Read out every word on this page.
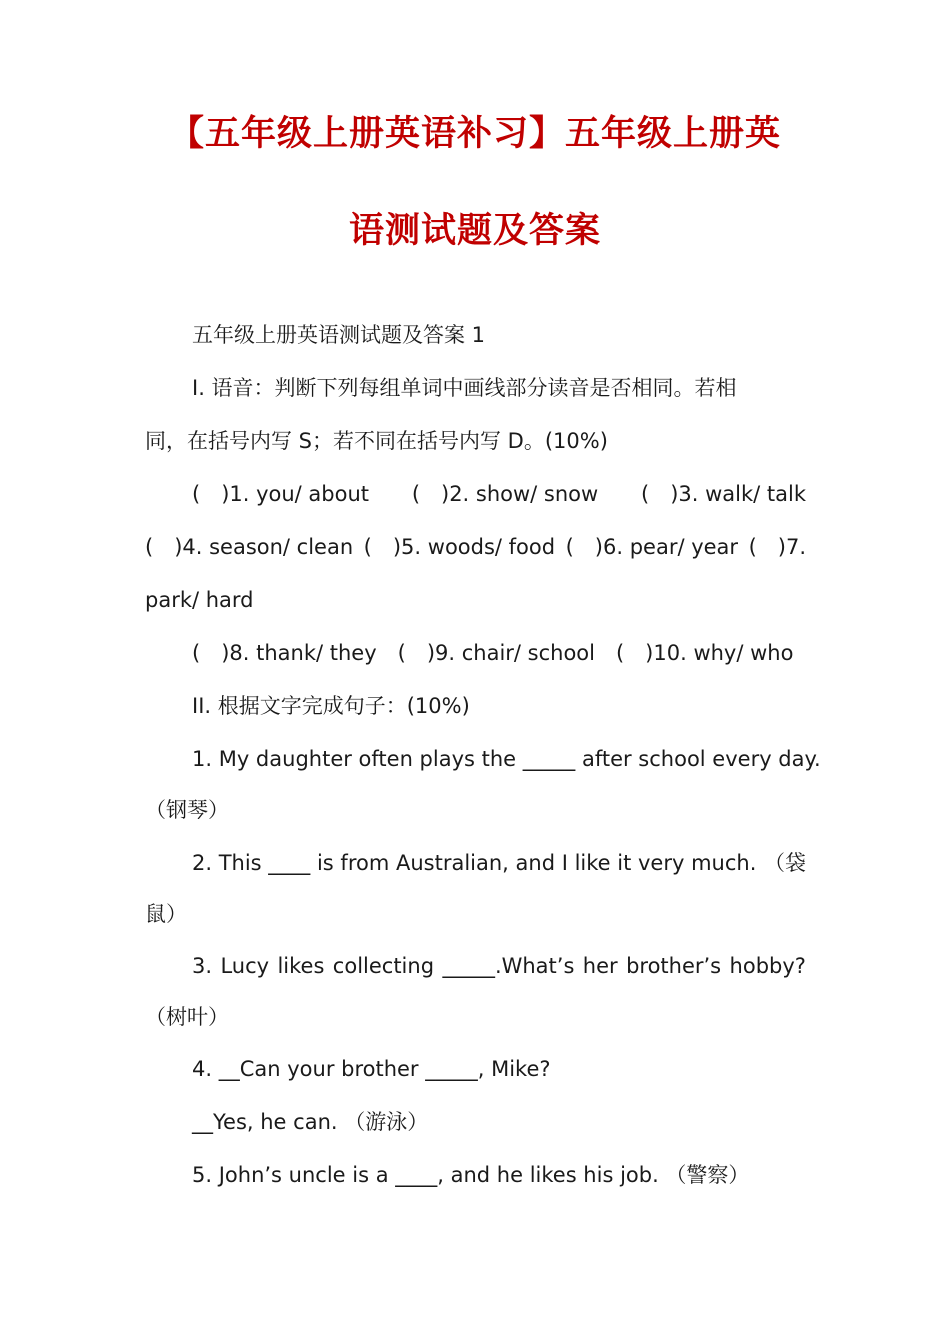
【五年级上册英语补习】五年级上册英
语测试题及答案
五年级上册英语测试题及答案 1
I. 语音：判断下列每组单词中画线部分读音是否相同。若相
同，在括号内写 S；若不同在括号内写 D。(10%)
(　)1. you/ about (　)2. show/ snow (　)3. walk/ talk
(　)4. season/ clean (　)5. woods/ food (　)6. pear/ year (　)7.
park/ hard
(　)8. thank/ they　(　)9. chair/ school　(　)10. why/ who
II. 根据文字完成句子：(10%)
1. My daughter often plays the _____ after school every day.
（钢琴）
2. This ____ is from Australian, and I like it very much. （袋
鼠）
3. Lucy likes collecting _____.What’s her brother’s hobby?
（树叶）
4. __Can your brother _____, Mike?
__Yes, he can. （游泳）
5. John’s uncle is a ____, and he likes his job. （警察）
